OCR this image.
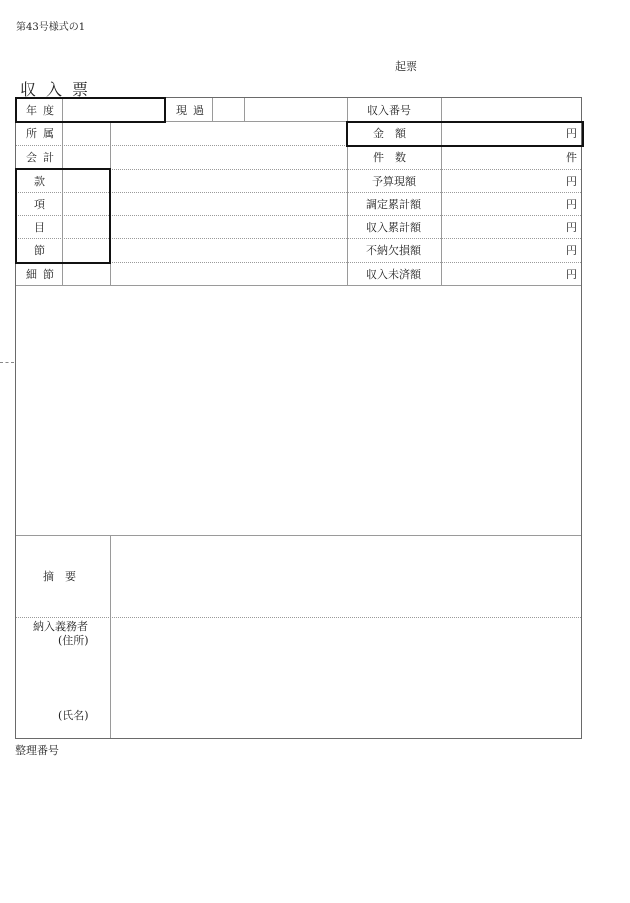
第43号様式の1
起票
収入票
年度
所属
会計
款
項
目
節
細節
現過	収入番号
金　額
件　数
予算現額
調定累計額
収入累計額
不納欠損額
収入未済額
円
件
円
円
円
円
円
摘　要
納入義務者
(住所)
(氏名)
整理番号
